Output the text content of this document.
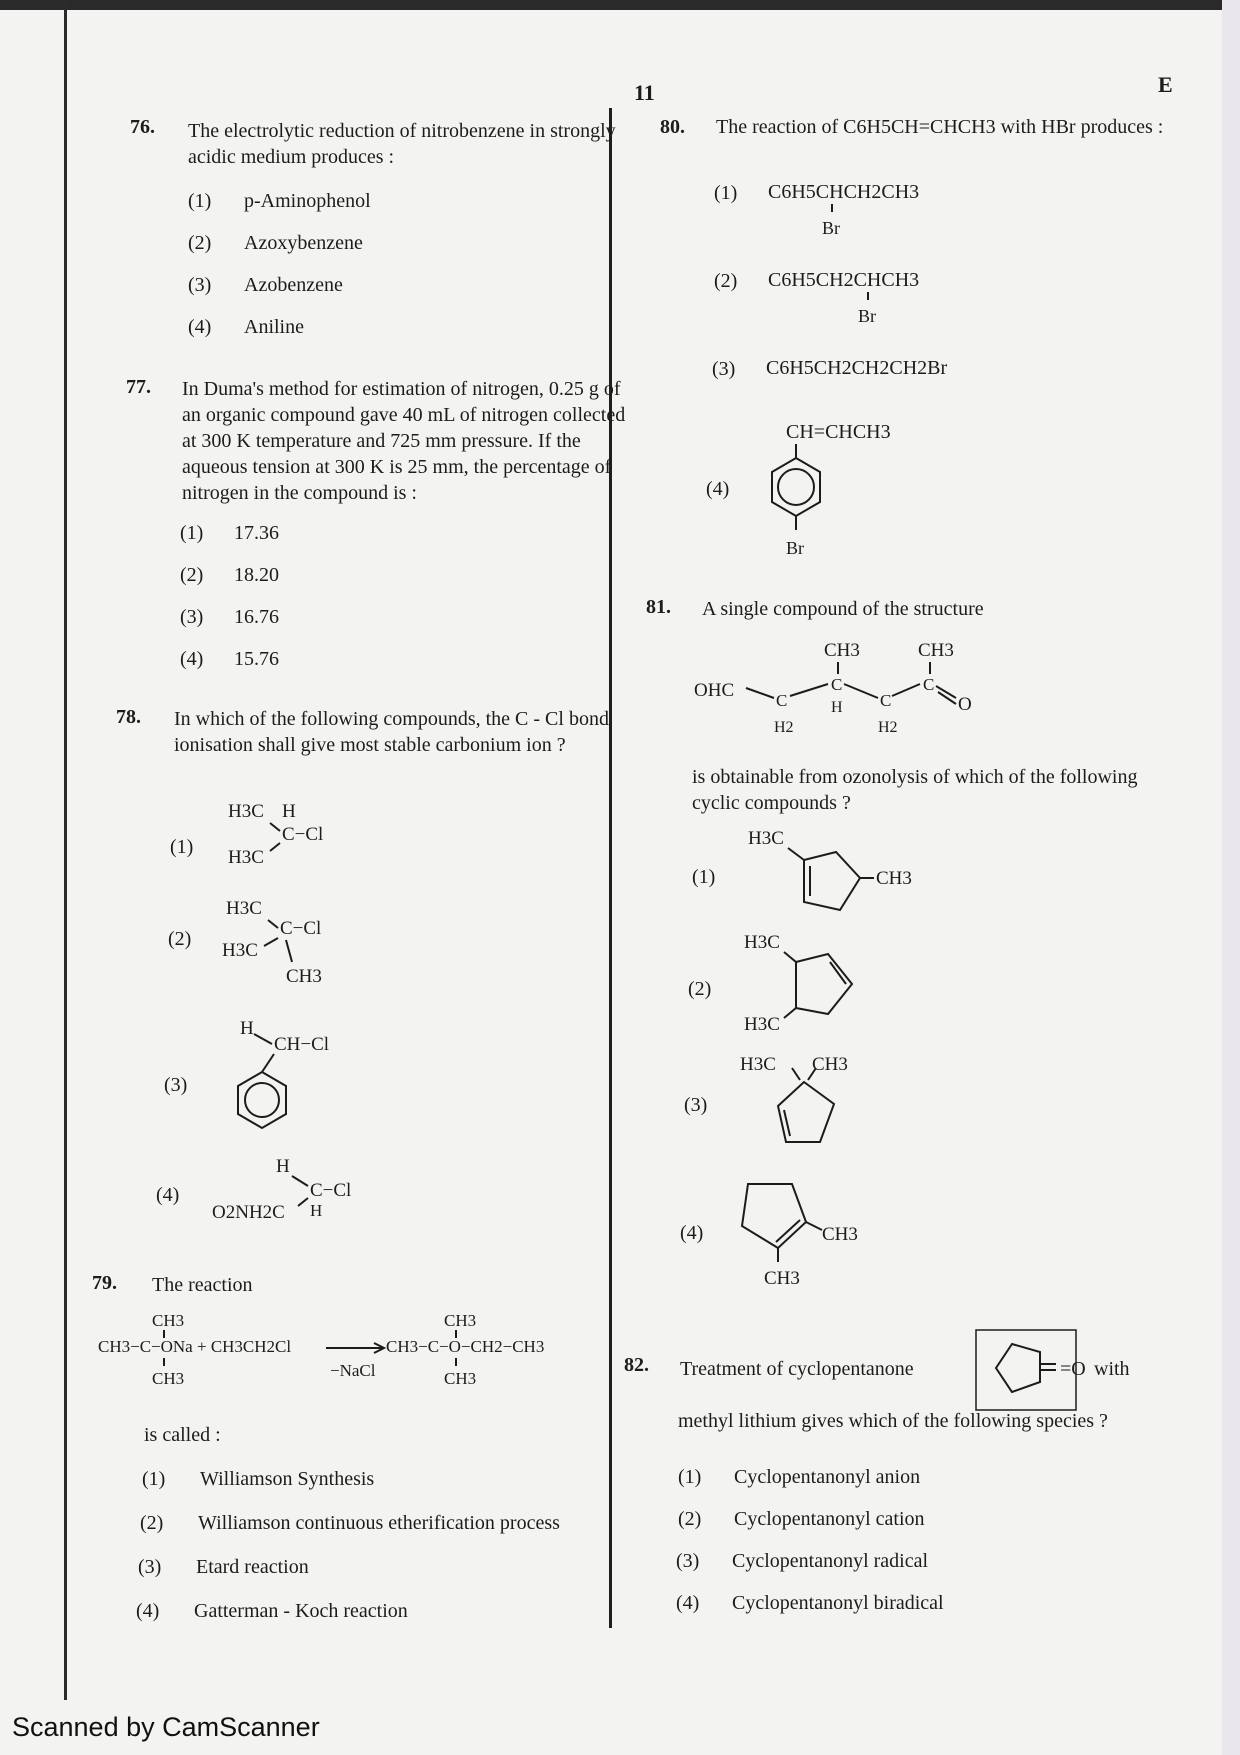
11	E
76. The electrolytic reduction of nitrobenzene in strongly acidic medium produces :
(1) p-Aminophenol
(2) Azoxybenzene
(3) Azobenzene
(4) Aniline
77. In Duma's method for estimation of nitrogen, 0.25 g of an organic compound gave 40 mL of nitrogen collected at 300 K temperature and 725 mm pressure. If the aqueous tension at 300 K is 25 mm, the percentage of nitrogen in the compound is :
(1) 17.36
(2) 18.20
(3) 16.76
(4) 15.76
78. In which of the following compounds, the C - Cl bond ionisation shall give most stable carbonium ion ?
(1)
H3C H
C−Cl
H3C
(2)
H3C
C−Cl
H3C
CH3
(3)
H
CH−Cl
(4)
H
C−Cl
O2NH2C H
79. The reaction
CH3
CH3−C−ONa + CH3CH2Cl
CH3	−NaCl
CH3
CH3−C−O−CH2−CH3
CH3
is called :
(1) Williamson Synthesis
(2) Williamson continuous etherification process
(3) Etard reaction
(4) Gatterman - Koch reaction
80. The reaction of C6H5CH=CHCH3 with HBr produces :
(1) C6H5CHCH2CH3
Br
(2) C6H5CH2CHCH3
Br
(3) C6H5CH2CH2CH2Br
(4)
CH=CHCH3
Br
81. A single compound of the structure
CH3	CH3
OHC C
C
C
C
H
H2	H2
O
is obtainable from ozonolysis of which of the following cyclic compounds ?
(1)
H3C
CH3
(2)
H3C
H3C
(3)
H3C CH3
(4)	CH3
CH3
82. Treatment of cyclopentanone	=O with
methyl lithium gives which of the following species ?
(1) Cyclopentanonyl anion
(2) Cyclopentanonyl cation
(3) Cyclopentanonyl radical
(4) Cyclopentanonyl biradical
Scanned by CamScanner
